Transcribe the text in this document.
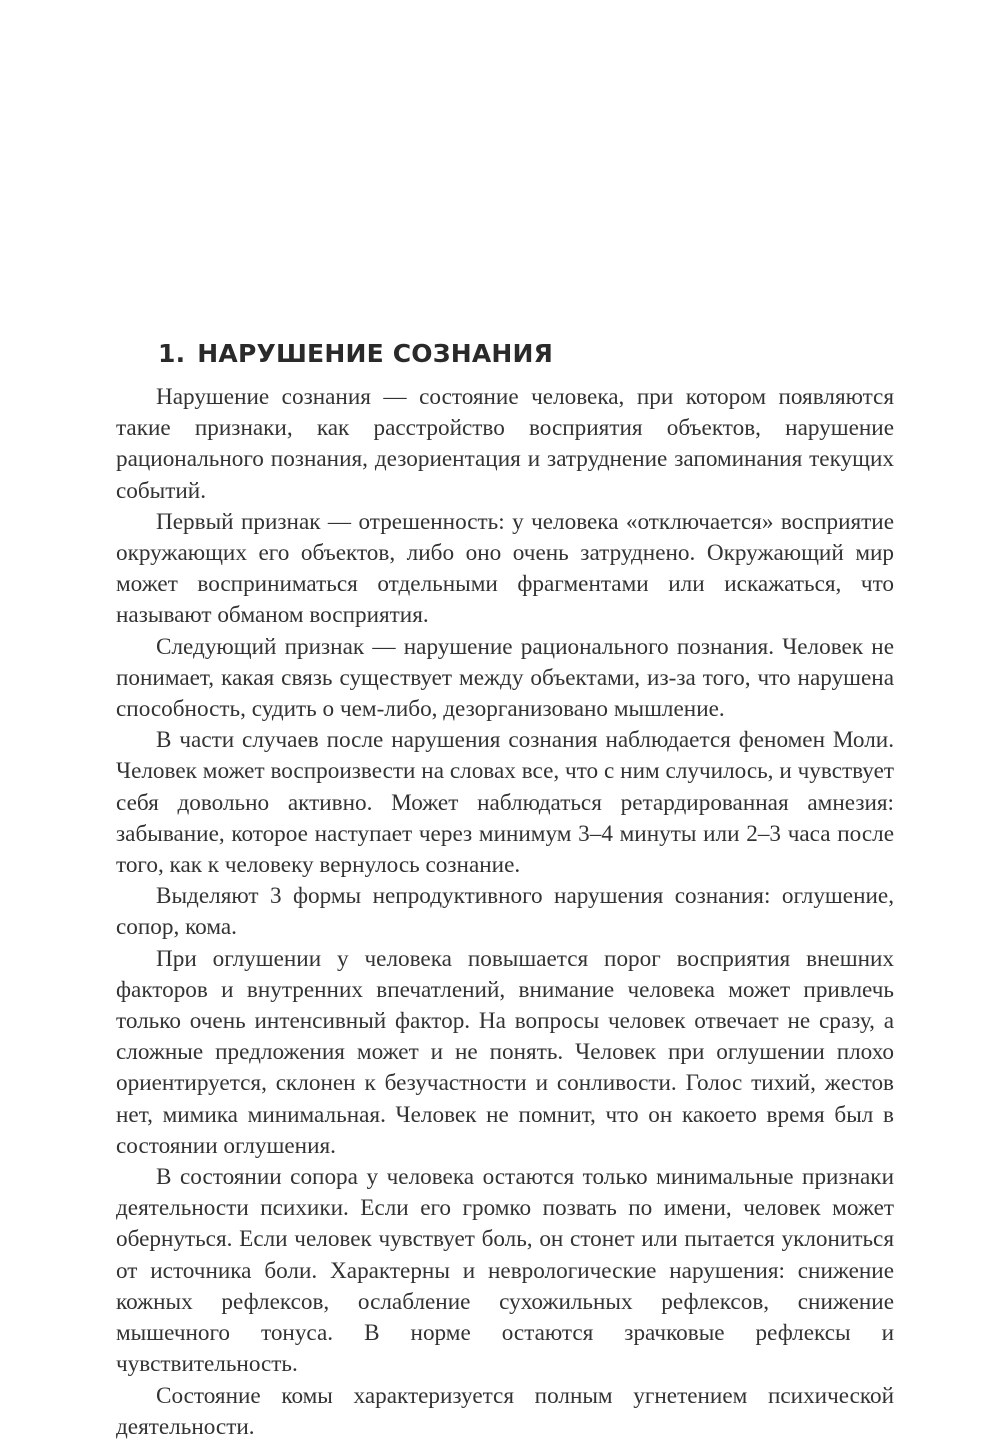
1. НАРУШЕНИЕ СОЗНАНИЯ

Нарушение сознания — состояние человека, при котором появляются такие признаки, как расстройство восприятия объектов, нарушение рационального познания, дезориентация и затруднение запоминания текущих событий.

Первый признак — отрешенность: у человека «отключается» восприятие окружающих его объектов, либо оно очень затруднено. Окружающий мир может восприниматься отдельными фрагментами или искажаться, что называют обманом восприятия.

Следующий признак — нарушение рационального познания. Человек не понимает, какая связь существует между объектами, из-за того, что нарушена способность, судить о чем-либо, дезорганизовано мышление.

В части случаев после нарушения сознания наблюдается феномен Моли. Человек может воспроизвести на словах все, что с ним случилось, и чувствует себя довольно активно. Может наблюдаться ретардированная амнезия: забывание, которое наступает через минимум 3–4 минуты или 2–3 часа после того, как к человеку вернулось сознание.

Выделяют 3 формы непродуктивного нарушения сознания: оглушение, сопор, кома.

При оглушении у человека повышается порог восприятия внешних факторов и внутренних впечатлений, внимание человека может привлечь только очень интенсивный фактор. На вопросы человек отвечает не сразу, а сложные предложения может и не понять. Человек при оглушении плохо ориентируется, склонен к безучастности и сонливости. Голос тихий, жестов нет, мимика минимальная. Человек не помнит, что он какоето время был в состоянии оглушения.

В состоянии сопора у человека остаются только минимальные признаки деятельности психики. Если его громко позвать по имени, человек может обернуться. Если человек чувствует боль, он стонет или пытается уклониться от источника боли. Характерны и неврологические нарушения: снижение кожных рефлексов, ослабление сухожильных рефлексов, снижение мышечного тонуса. В норме остаются зрачковые рефлексы и чувствительность.

Состояние комы характеризуется полным угнетением психической деятельности.
